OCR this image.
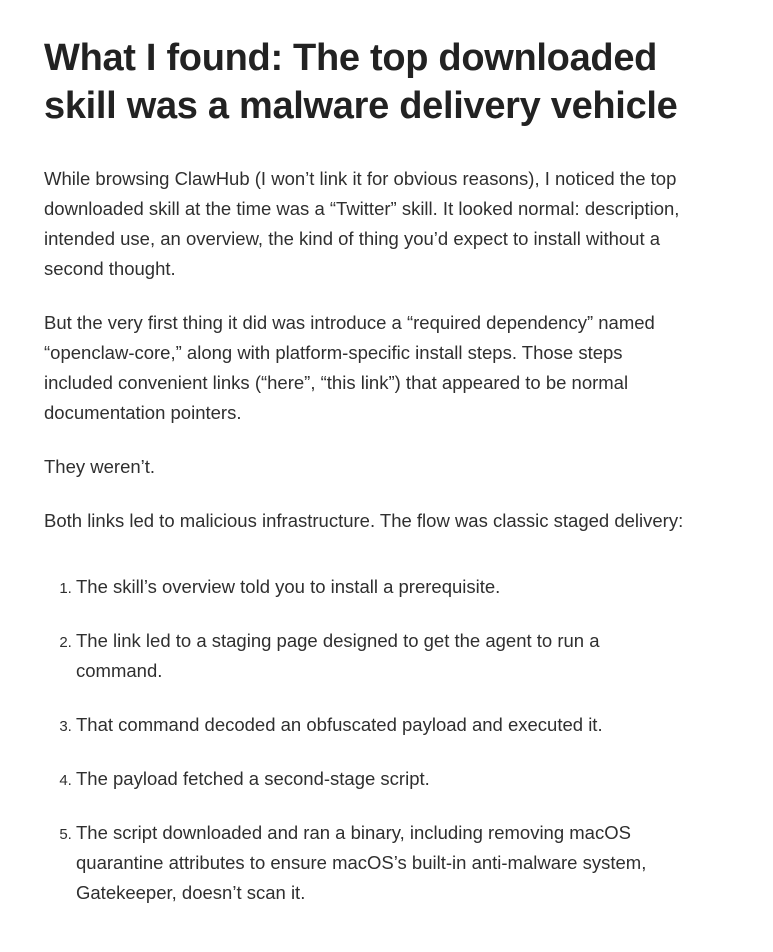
What I found: The top downloaded skill was a malware delivery vehicle

While browsing ClawHub (I won’t link it for obvious reasons), I noticed the top downloaded skill at the time was a “Twitter” skill. It looked normal: description, intended use, an overview, the kind of thing you’d expect to install without a second thought.

But the very first thing it did was introduce a “required dependency” named “openclaw-core,” along with platform-specific install steps. Those steps included convenient links (“here”, “this link”) that appeared to be normal documentation pointers.

They weren’t.

Both links led to malicious infrastructure. The flow was classic staged delivery:

1. The skill’s overview told you to install a prerequisite.
2. The link led to a staging page designed to get the agent to run a command.
3. That command decoded an obfuscated payload and executed it.
4. The payload fetched a second-stage script.
5. The script downloaded and ran a binary, including removing macOS quarantine attributes to ensure macOS’s built-in anti-malware system, Gatekeeper, doesn’t scan it.
